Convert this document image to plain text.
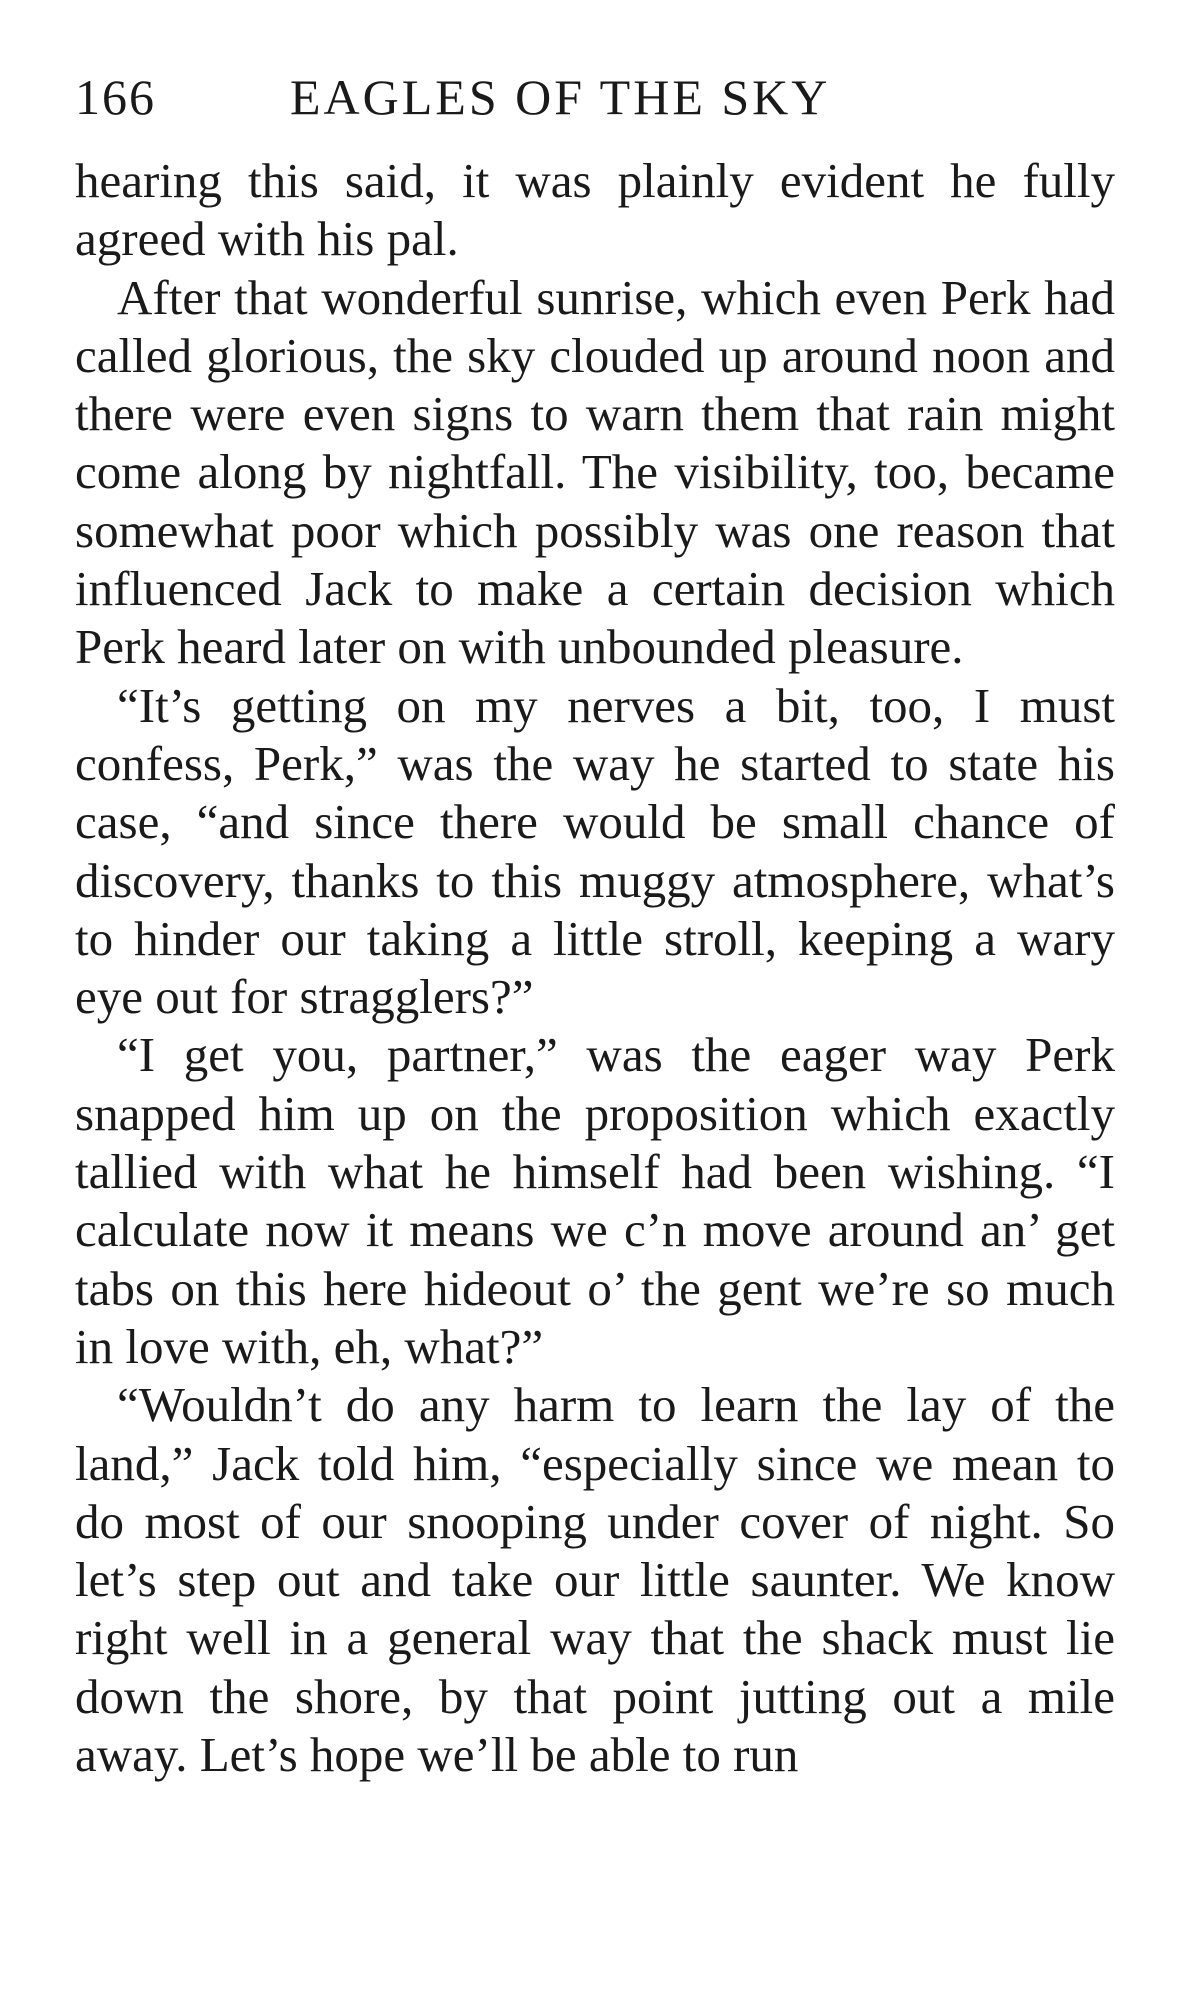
166	EAGLES OF THE SKY

hearing this said, it was plainly evident he fully agreed with his pal.

After that wonderful sunrise, which even Perk had called glorious, the sky clouded up around noon and there were even signs to warn them that rain might come along by nightfall. The visibility, too, became somewhat poor which possibly was one reason that influenced Jack to make a certain decision which Perk heard later on with unbounded pleasure.

“It’s getting on my nerves a bit, too, I must confess, Perk,” was the way he started to state his case, “and since there would be small chance of discovery, thanks to this muggy atmosphere, what’s to hinder our taking a little stroll, keeping a wary eye out for stragglers?”

“I get you, partner,” was the eager way Perk snapped him up on the proposition which exactly tallied with what he himself had been wishing. “I calculate now it means we c’n move around an’ get tabs on this here hideout o’ the gent we’re so much in love with, eh, what?”

“Wouldn’t do any harm to learn the lay of the land,” Jack told him, “especially since we mean to do most of our snooping under cover of night. So let’s step out and take our little saunter. We know right well in a general way that the shack must lie down the shore, by that point jutting out a mile away. Let’s hope we’ll be able to run
